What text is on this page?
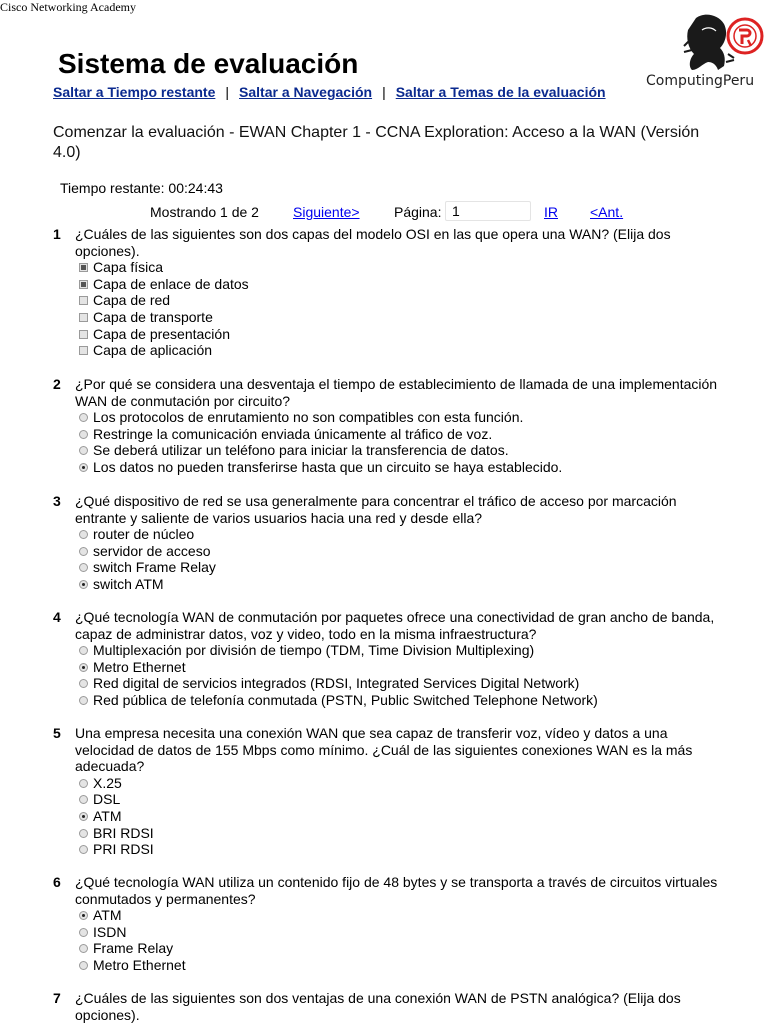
Cisco Networking Academy
ComputingPeru
Sistema de evaluación
Saltar a Tiempo restante | Saltar a Navegación | Saltar a Temas de la evaluación
Comenzar la evaluación - EWAN Chapter 1 - CCNA Exploration: Acceso a la WAN (Versión 4.0)
Tiempo restante: 00:24:43
Mostrando 1 de 2 Siguiente> Página:
1	IR <Ant.
1 ¿Cuáles de las siguientes son dos capas del modelo OSI en las que opera una WAN? (Elija dos opciones).
Capa física
Capa de enlace de datos
Capa de red
Capa de transporte
Capa de presentación
Capa de aplicación
2 ¿Por qué se considera una desventaja el tiempo de establecimiento de llamada de una implementación WAN de conmutación por circuito?
Los protocolos de enrutamiento no son compatibles con esta función.
Restringe la comunicación enviada únicamente al tráfico de voz.
Se deberá utilizar un teléfono para iniciar la transferencia de datos.
Los datos no pueden transferirse hasta que un circuito se haya establecido.
3 ¿Qué dispositivo de red se usa generalmente para concentrar el tráfico de acceso por marcación entrante y saliente de varios usuarios hacia una red y desde ella?
router de núcleo
servidor de acceso
switch Frame Relay
switch ATM
4 ¿Qué tecnología WAN de conmutación por paquetes ofrece una conectividad de gran ancho de banda, capaz de administrar datos, voz y video, todo en la misma infraestructura?
Multiplexación por división de tiempo (TDM, Time Division Multiplexing)
Metro Ethernet
Red digital de servicios integrados (RDSI, Integrated Services Digital Network)
Red pública de telefonía conmutada (PSTN, Public Switched Telephone Network)
5 Una empresa necesita una conexión WAN que sea capaz de transferir voz, vídeo y datos a una velocidad de datos de 155 Mbps como mínimo. ¿Cuál de las siguientes conexiones WAN es la más adecuada?
X.25
DSL
ATM
BRI RDSI
PRI RDSI
6 ¿Qué tecnología WAN utiliza un contenido fijo de 48 bytes y se transporta a través de circuitos virtuales conmutados y permanentes?
ATM
ISDN
Frame Relay
Metro Ethernet
7 ¿Cuáles de las siguientes son dos ventajas de una conexión WAN de PSTN analógica? (Elija dos opciones).
